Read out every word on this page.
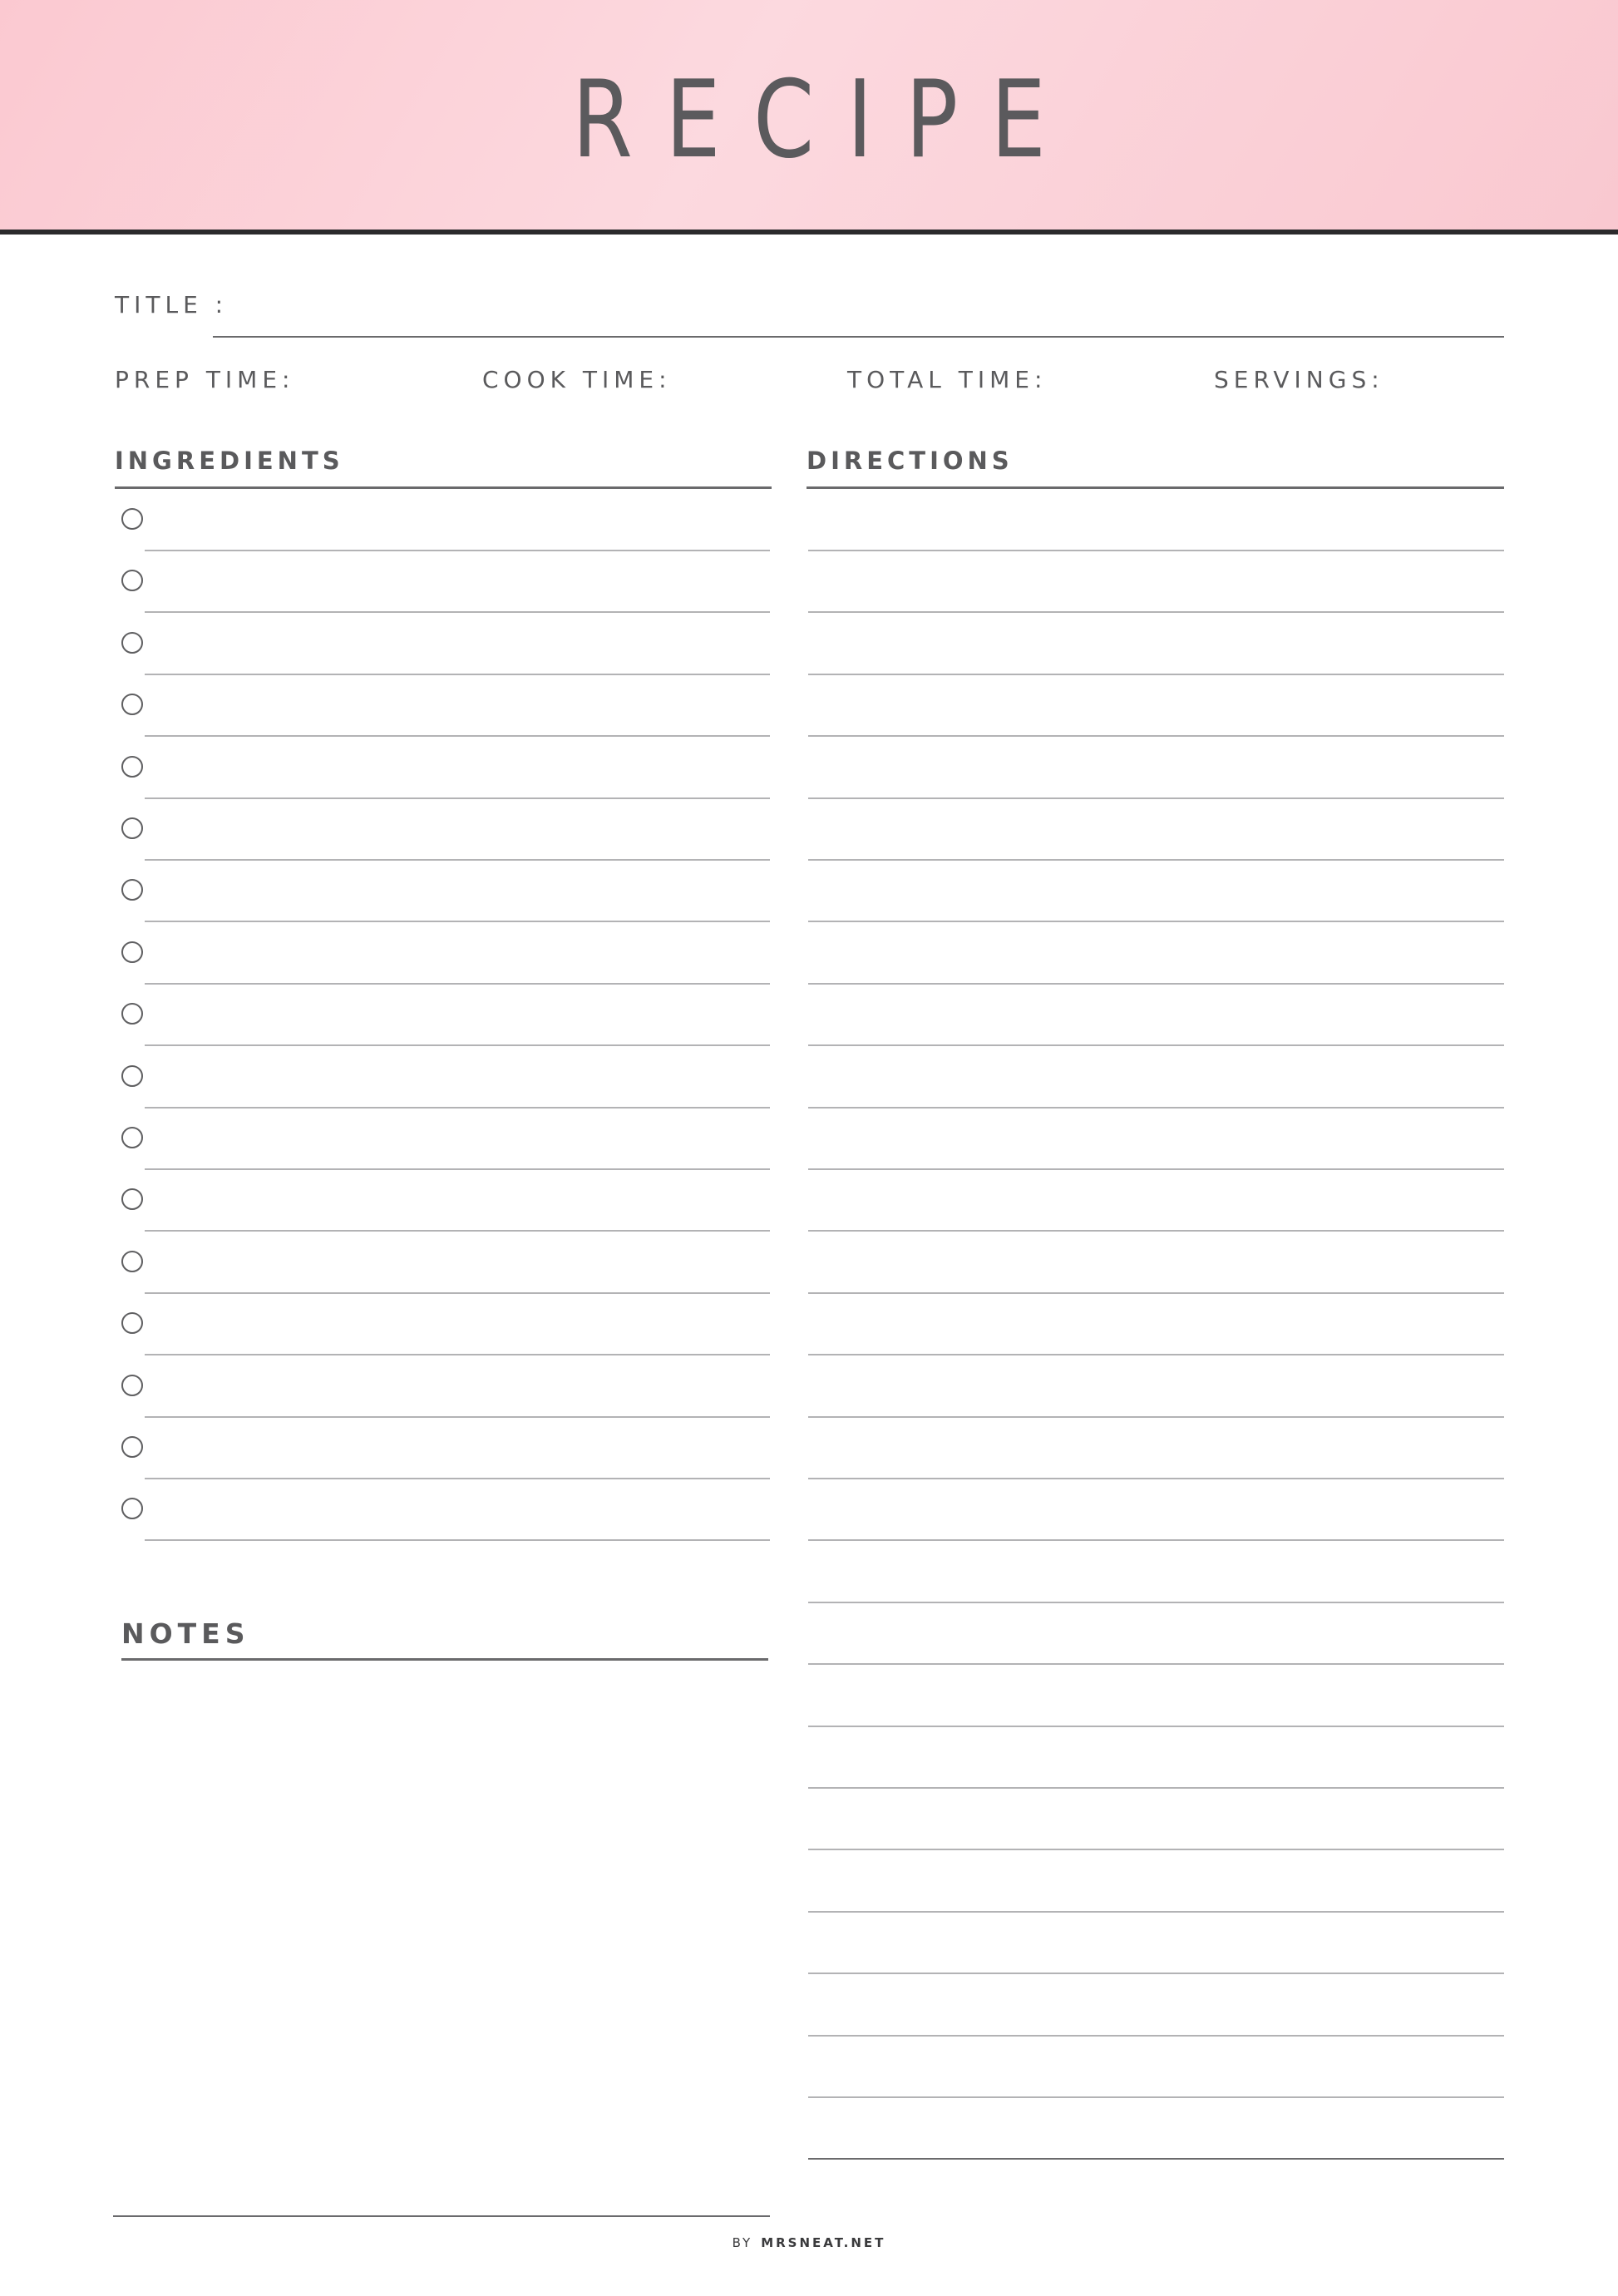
RECIPE
TITLE :
PREP TIME:	COOK TIME:	TOTAL TIME:	SERVINGS:
INGREDIENTS	DIRECTIONS
NOTES
BY MRSNEAT.NET
